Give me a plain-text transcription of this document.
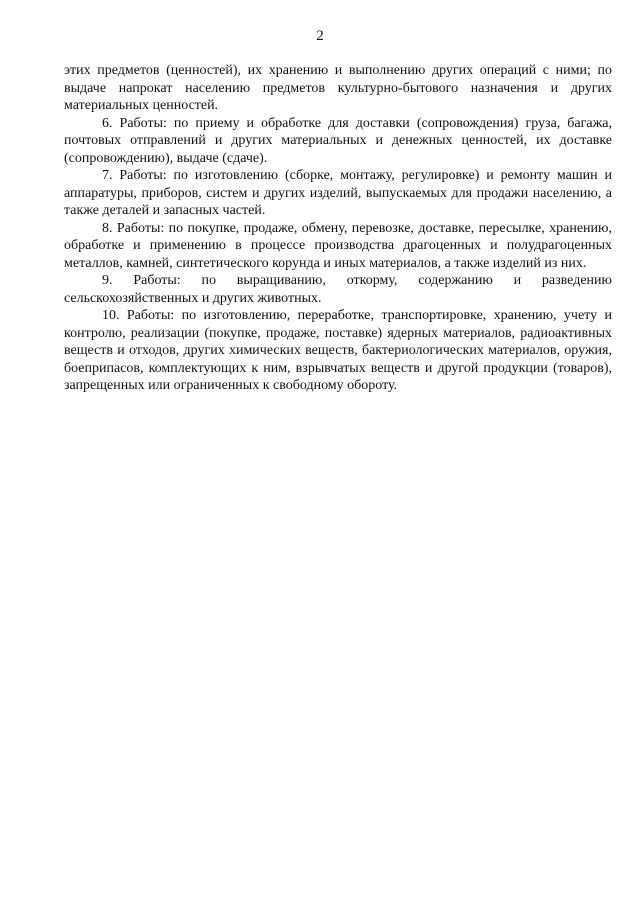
2

этих предметов (ценностей), их хранению и выполнению других операций с ними; по выдаче напрокат населению предметов культурно-бытового назначения и других материальных ценностей.

6. Работы: по приему и обработке для доставки (сопровождения) груза, багажа, почтовых отправлений и других материальных и денежных ценностей, их доставке (сопровождению), выдаче (сдаче).

7. Работы: по изготовлению (сборке, монтажу, регулировке) и ремонту машин и аппаратуры, приборов, систем и других изделий, выпускаемых для продажи населению, а также деталей и запасных частей.

8. Работы: по покупке, продаже, обмену, перевозке, доставке, пересылке, хранению, обработке и применению в процессе производства драгоценных и полудрагоценных металлов, камней, синтетического корунда и иных материалов, а также изделий из них.

9. Работы: по выращиванию, откорму, содержанию и разведению сельскохозяйственных и других животных.

10. Работы: по изготовлению, переработке, транспортировке, хранению, учету и контролю, реализации (покупке, продаже, поставке) ядерных материалов, радиоактивных веществ и отходов, других химических веществ, бактериологических материалов, оружия, боеприпасов, комплектующих к ним, взрывчатых веществ и другой продукции (товаров), запрещенных или ограниченных к свободному обороту.
